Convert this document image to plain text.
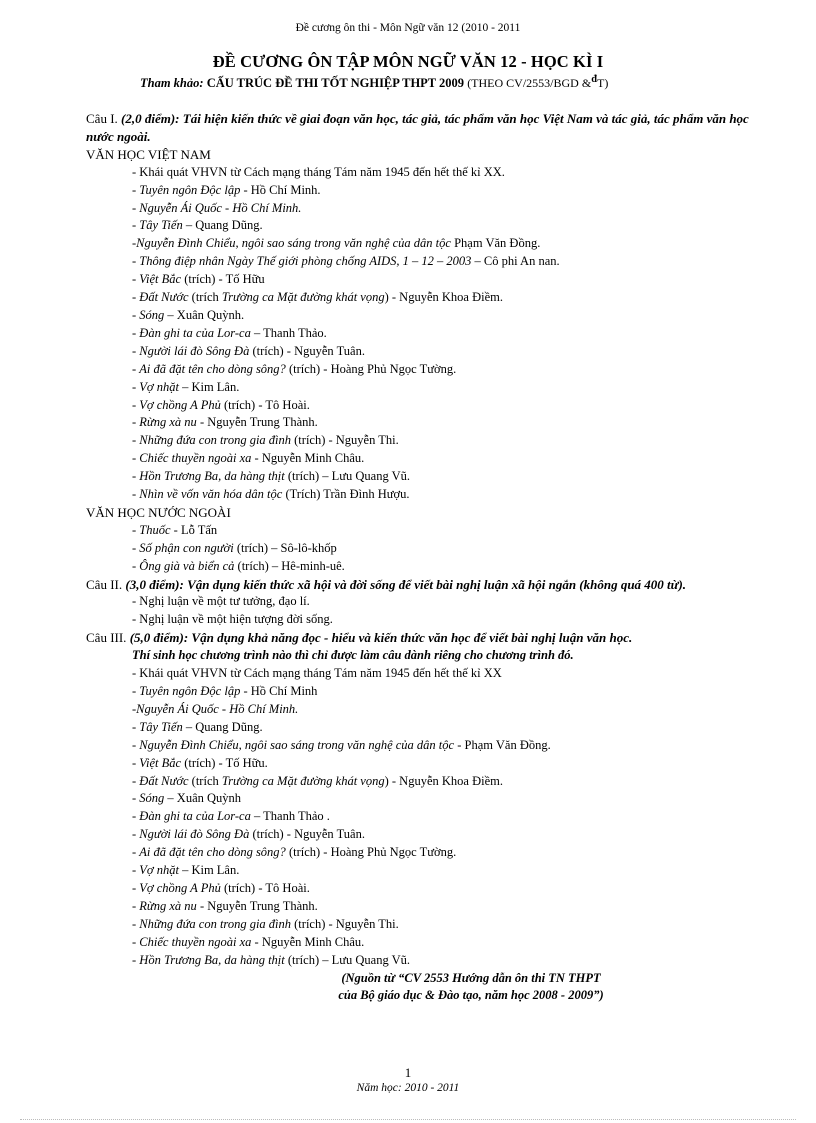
Đề cương ôn thi - Môn Ngữ văn 12 (2010 - 2011
ĐỀ CƯƠNG ÔN TẬP MÔN NGỮ VĂN 12 - HỌC KÌ I
Tham khảo: CẤU TRÚC ĐỀ THI TỐT NGHIỆP THPT 2009 (THEO CV/2553/BGD &$^đ$T)
Câu I. (2,0 điểm): Tái hiện kiến thức về giai đoạn văn học, tác giả, tác phẩm văn học Việt Nam và tác giả, tác phẩm văn học nước ngoài.
VĂN HỌC VIỆT NAM
- Khái quát VHVN từ Cách mạng tháng Tám năm 1945 đến hết thế kỉ XX.
- Tuyên ngôn Độc lập - Hồ Chí Minh.
- Nguyễn Ái Quốc - Hồ Chí Minh.
- Tây Tiến – Quang Dũng.
-Nguyễn Đình Chiểu, ngôi sao sáng trong văn nghệ của dân tộc Phạm Văn Đồng.
- Thông điệp nhân Ngày Thế giới phòng chống AIDS, 1 – 12 – 2003 – Cô phi An nan.
- Việt Bắc (trích) - Tố Hữu
- Đất Nước (trích Trường ca Mặt đường khát vọng) - Nguyễn Khoa Điềm.
- Sóng – Xuân Quỳnh.
- Đàn ghi ta của Lor-ca – Thanh Thảo.
- Người lái đò Sông Đà (trích) - Nguyễn Tuân.
- Ai đã đặt tên cho dòng sông? (trích) - Hoàng Phủ Ngọc Tường.
- Vợ nhặt – Kim Lân.
- Vợ chồng A Phủ (trích) - Tô Hoài.
- Rừng xà nu - Nguyễn Trung Thành.
- Những đứa con trong gia đình (trích) - Nguyễn Thi.
- Chiếc thuyền ngoài xa - Nguyễn Minh Châu.
- Hồn Trương Ba, da hàng thịt (trích) – Lưu Quang Vũ.
- Nhìn về vốn văn hóa dân tộc (Trích) Trần Đình Hượu.
VĂN HỌC NƯỚC NGOÀI
- Thuốc - Lỗ Tấn
- Số phận con người (trích) – Sô-lô-khốp
- Ông già và biển cả (trích) – Hê-minh-uê.
Câu II. (3,0 điểm): Vận dụng kiến thức xã hội và đời sống để viết bài nghị luận xã hội ngắn (không quá 400 từ).
- Nghị luận về một tư tưởng, đạo lí.
- Nghị luận về một hiện tượng đời sống.
Câu III. (5,0 điểm): Vận dụng khả năng đọc - hiểu và kiến thức văn học để viết bài nghị luận văn học.
Thí sinh học chương trình nào thì chỉ được làm câu dành riêng cho chương trình đó.
- Khái quát VHVN từ Cách mạng tháng Tám năm 1945 đến hết thế kỉ XX
- Tuyên ngôn Độc lập - Hồ Chí Minh
-Nguyễn Ái Quốc - Hồ Chí Minh.
- Tây Tiến – Quang Dũng.
- Nguyễn Đình Chiểu, ngôi sao sáng trong văn nghệ của dân tộc - Phạm Văn Đồng.
- Việt Bắc (trích) - Tố Hữu.
- Đất Nước (trích Trường ca Mặt đường khát vọng) - Nguyễn Khoa Điềm.
- Sóng – Xuân Quỳnh
- Đàn ghi ta của Lor-ca – Thanh Thảo .
- Người lái đò Sông Đà (trích) - Nguyễn Tuân.
- Ai đã đặt tên cho dòng sông? (trích) - Hoàng Phủ Ngọc Tường.
- Vợ nhặt – Kim Lân.
- Vợ chồng A Phủ (trích) - Tô Hoài.
- Rừng xà nu - Nguyễn Trung Thành.
- Những đứa con trong gia đình (trích) - Nguyễn Thi.
- Chiếc thuyền ngoài xa - Nguyễn Minh Châu.
- Hồn Trương Ba, da hàng thịt (trích) – Lưu Quang Vũ.
(Nguồn từ “CV 2553 Hướng dẫn ôn thi TN THPT
của Bộ giáo dục & Đào tạo, năm học 2008 - 2009”)
1
Năm học: 2010 - 2011
